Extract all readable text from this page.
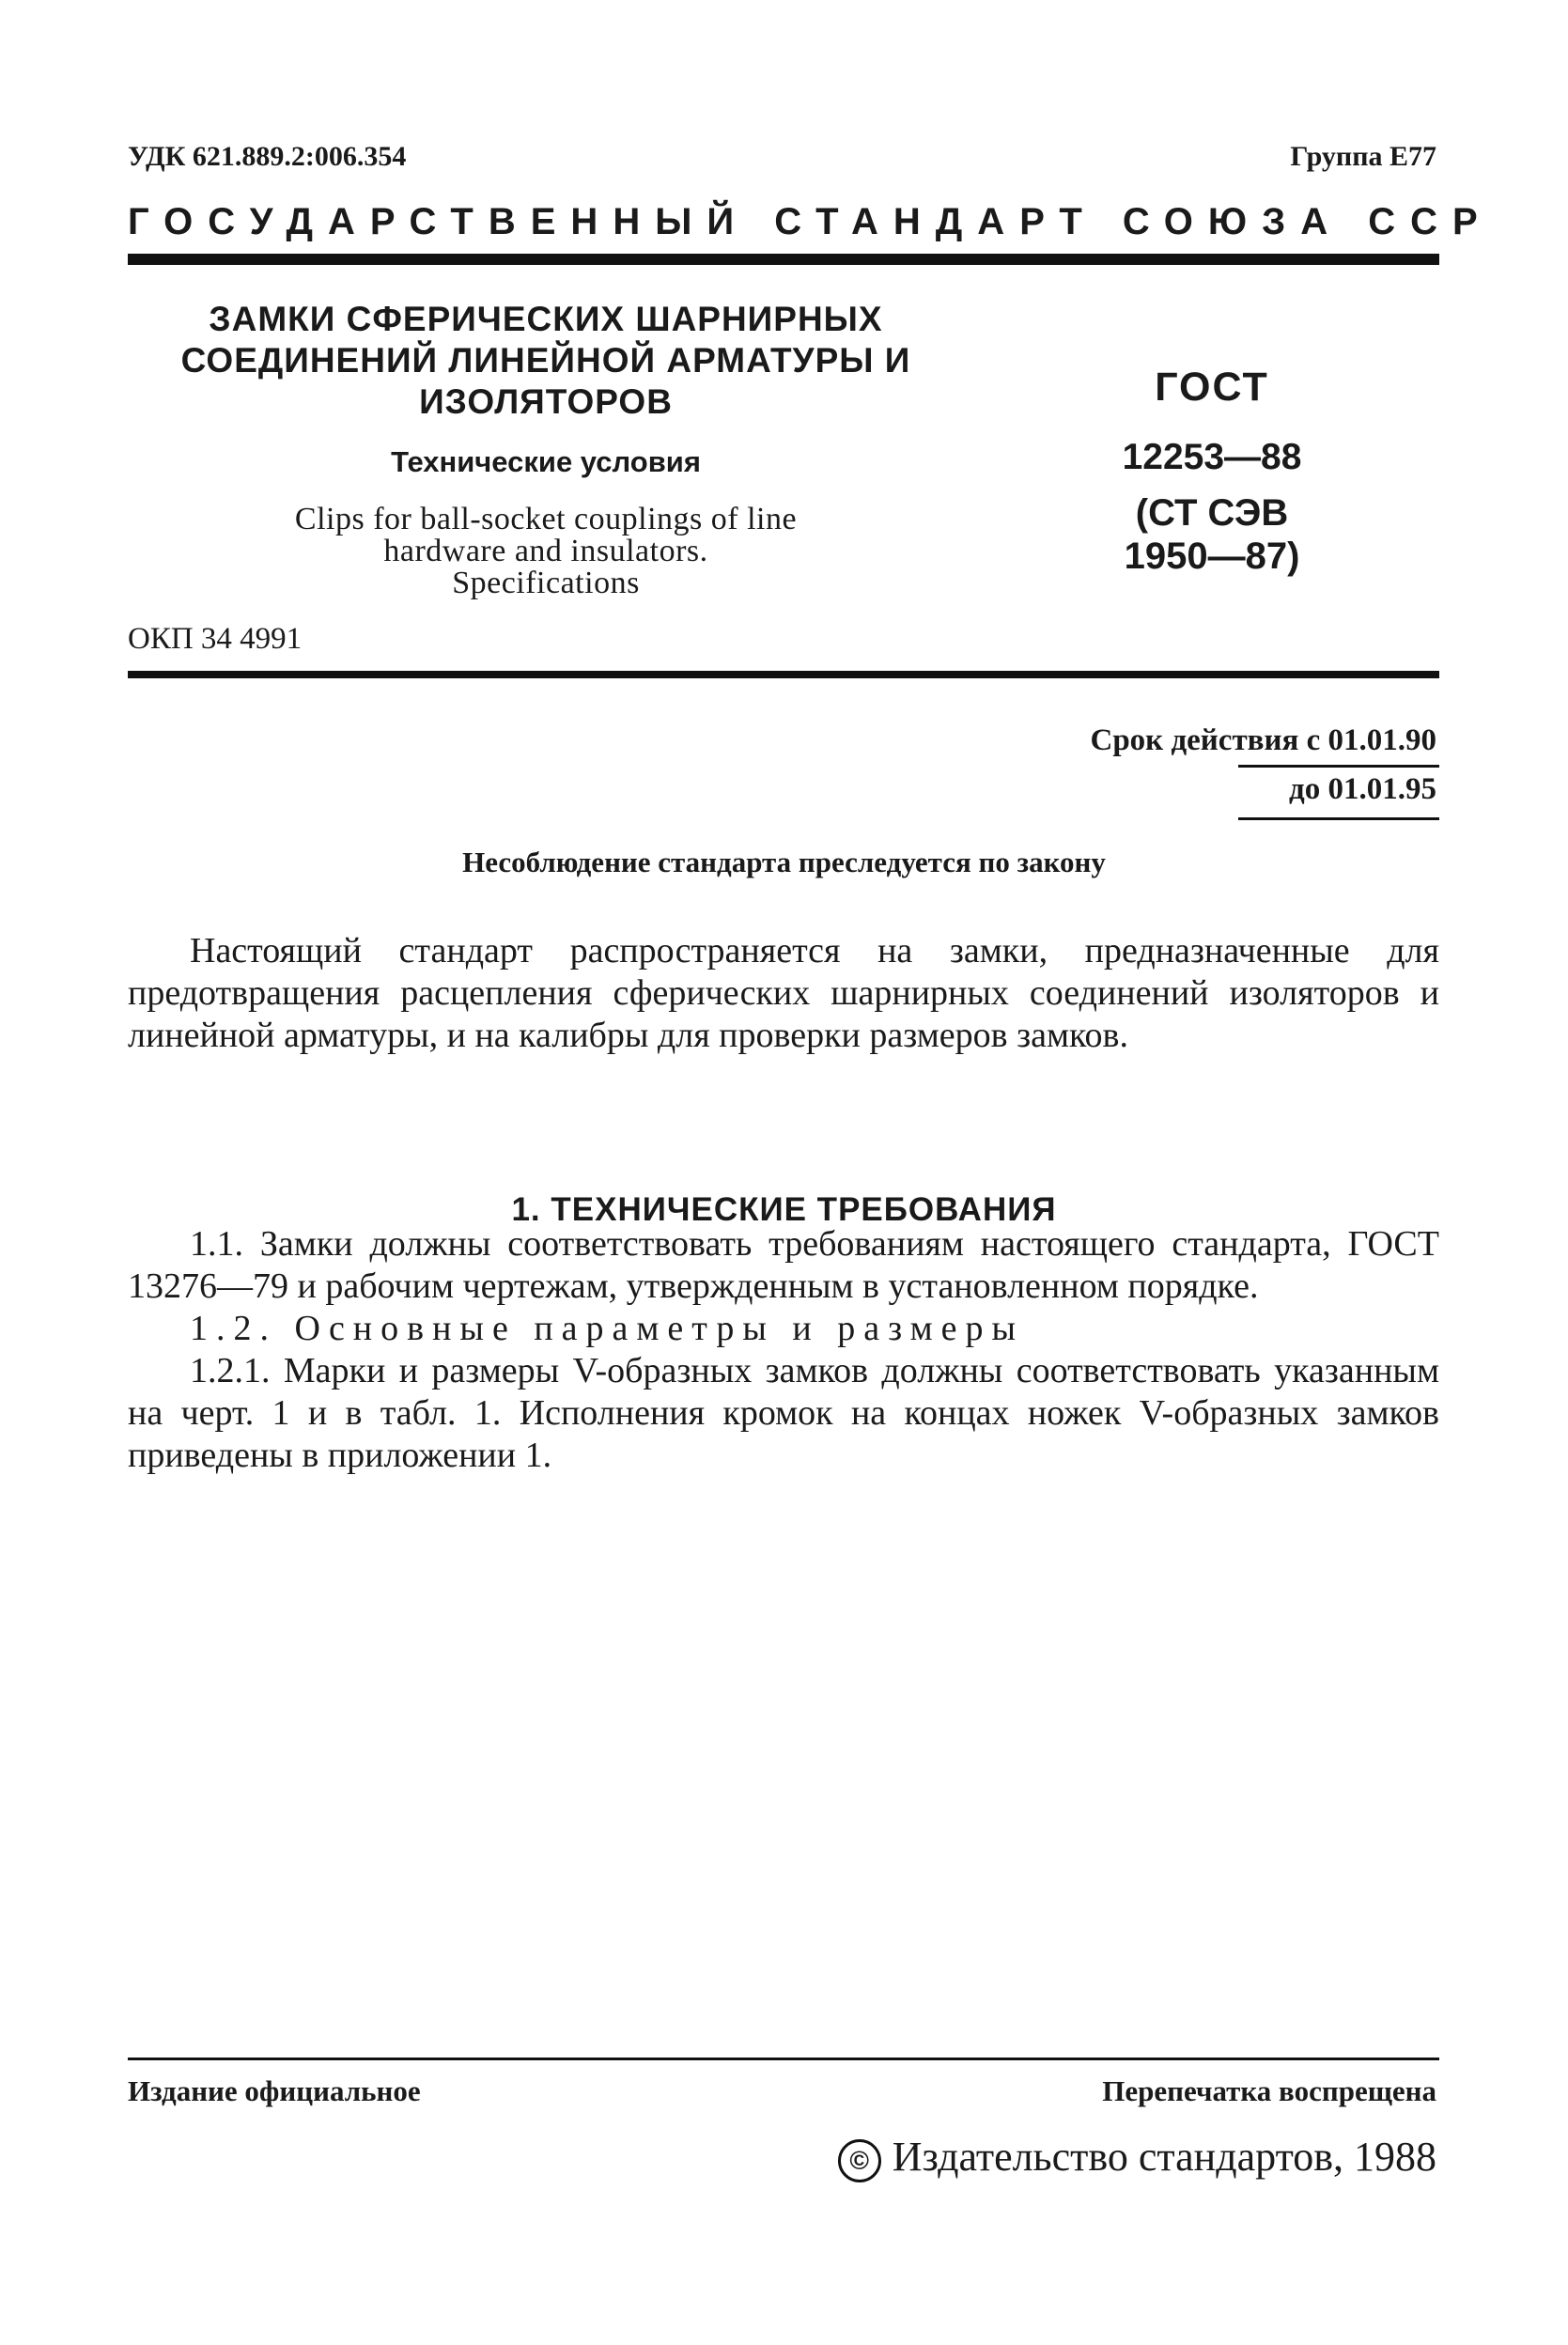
УДК 621.889.2:006.354	Группа Е77
ГОСУДАРСТВЕННЫЙ СТАНДАРТ СОЮЗА ССР
ЗАМКИ СФЕРИЧЕСКИХ ШАРНИРНЫХ
СОЕДИНЕНИЙ ЛИНЕЙНОЙ АРМАТУРЫ И
ИЗОЛЯТОРОВ
Технические условия
Clips for ball-socket couplings of line
hardware and insulators.
Specifications
ГОСТ
12253—88
(СТ СЭВ
1950—87)
ОКП 34 4991
Срок действия с 01.01.90
до 01.01.95
Несоблюдение стандарта преследуется по закону
Настоящий стандарт распространяется на замки, предназначенные для предотвращения расцепления сферических шарнирных соединений изоляторов и линейной арматуры, и на калибры для проверки размеров замков.
1. ТЕХНИЧЕСКИЕ ТРЕБОВАНИЯ

1.1. Замки должны соответствовать требованиям настоящего стандарта, ГОСТ 13276—79 и рабочим чертежам, утвержденным в установленном порядке.

1.2. Основные параметры и размеры

1.2.1. Марки и размеры V-образных замков должны соответствовать указанным на черт. 1 и в табл. 1. Исполнения кромок на концах ножек V-образных замков приведены в приложении 1.

Издание официальное	Перепечатка воспрещена
© Издательство стандартов, 1988
